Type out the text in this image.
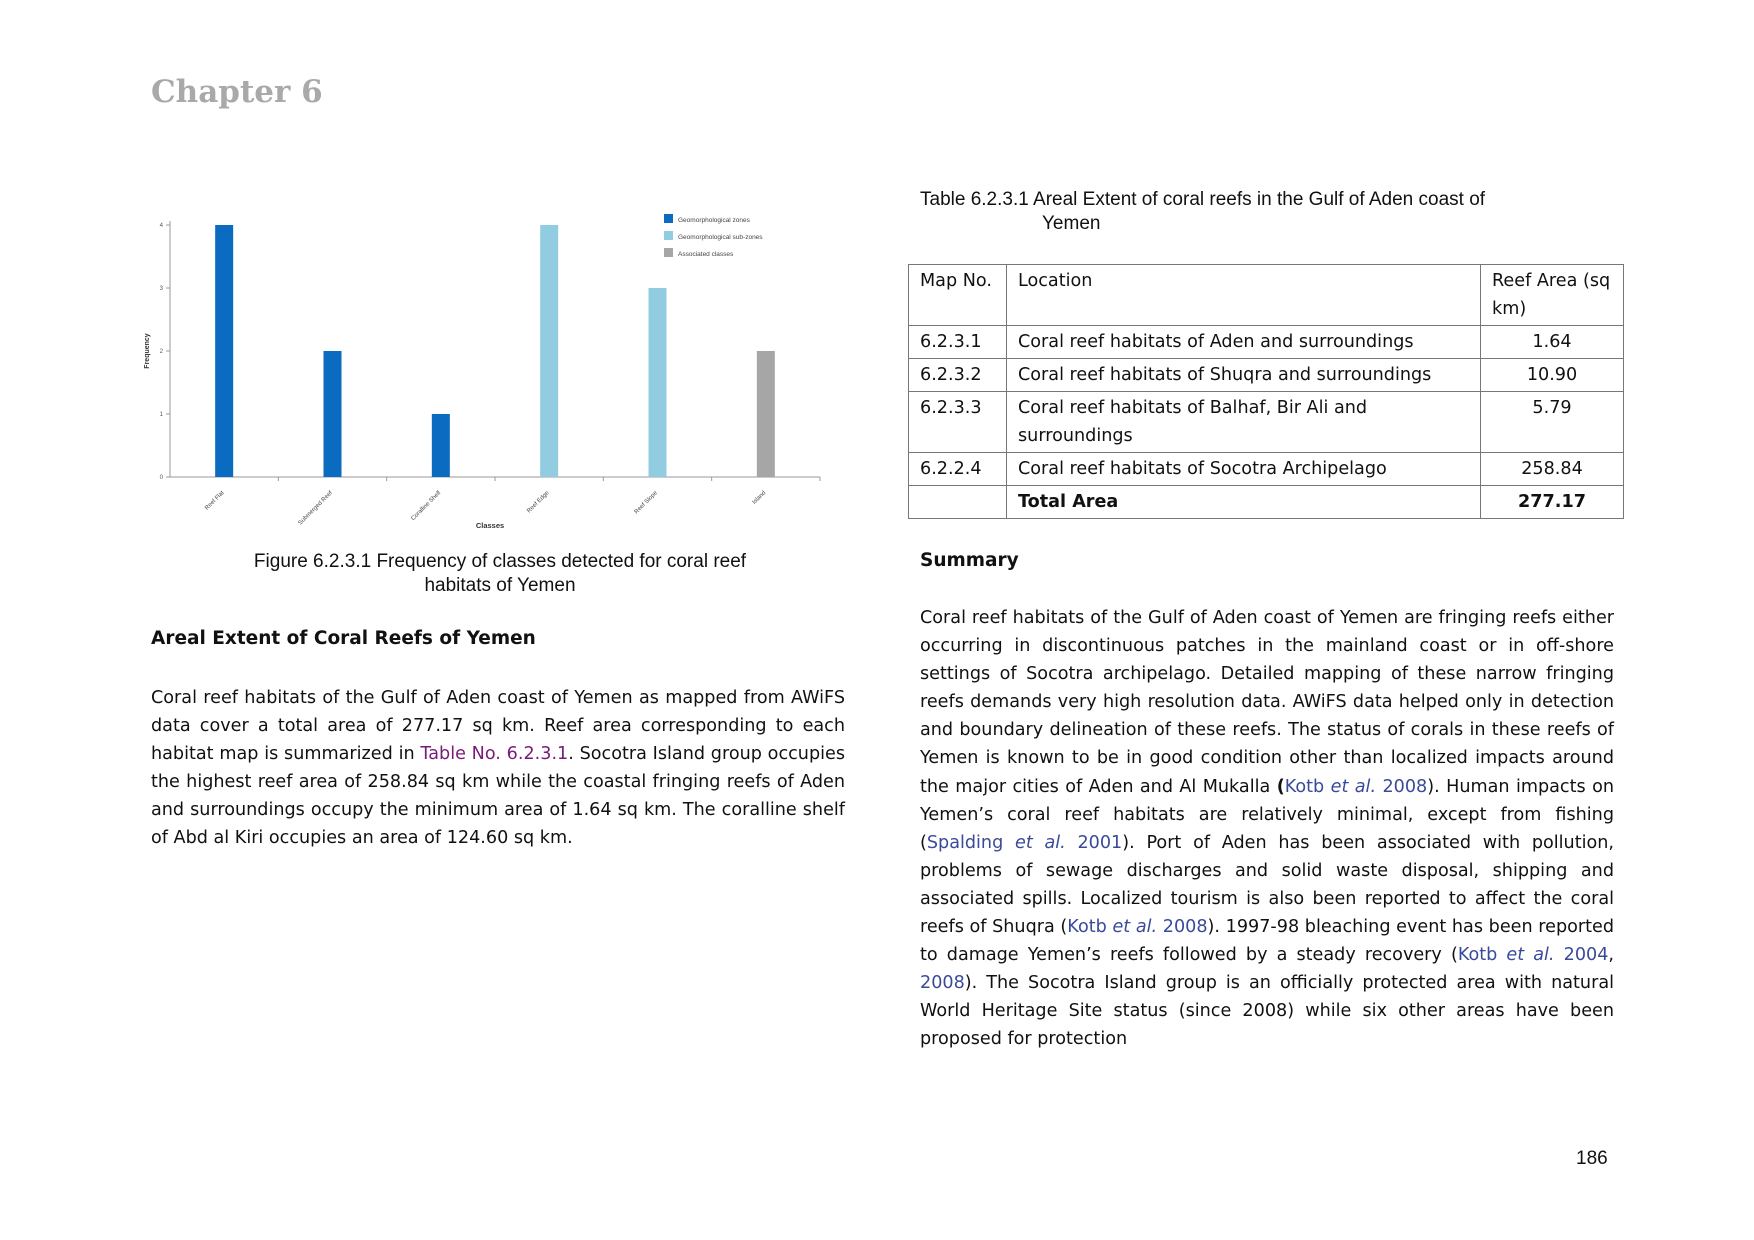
Chapter 6
0
1
2
3
4
Frequency
Reef Flat	Submerged Reef	Coralline Shelf	Reef Edge	Reef Slope	Island
Classes
Geomorphological zones
Geomorphological sub-zones
Associated classes
Figure 6.2.3.1 Frequency of classes detected for coral reef
habitats of Yemen
Areal Extent of Coral Reefs of Yemen

Coral reef habitats of the Gulf of Aden coast of Yemen as mapped from AWiFS data cover a total area of 277.17 sq km. Reef area corresponding to each habitat map is summarized in Table No. 6.2.3.1. Socotra Island group occupies the highest reef area of 258.84 sq km while the coastal fringing reefs of Aden and surroundings occupy the minimum area of 1.64 sq km. The coralline shelf of Abd al Kiri occupies an area of 124.60 sq km.

Table 6.2.3.1 Areal Extent of coral reefs in the Gulf of Aden coast of
Yemen
Map No.	Location	Reef Area (sq km)
6.2.3.1	Coral reef habitats of Aden and surroundings	1.64
6.2.3.2	Coral reef habitats of Shuqra and surroundings	10.90
6.2.3.3	Coral reef habitats of Balhaf, Bir Ali and surroundings	5.79
6.2.2.4	Coral reef habitats of Socotra Archipelago	258.84
	Total Area	277.17
Summary

Coral reef habitats of the Gulf of Aden coast of Yemen are fringing reefs either occurring in discontinuous patches in the mainland coast or in off-shore settings of Socotra archipelago. Detailed mapping of these narrow fringing reefs demands very high resolution data. AWiFS data helped only in detection and boundary delineation of these reefs. The status of corals in these reefs of Yemen is known to be in good condition other than localized impacts around the major cities of Aden and Al Mukalla (Kotb et al. 2008). Human impacts on Yemen’s coral reef habitats are relatively minimal, except from fishing (Spalding et al. 2001). Port of Aden has been associated with pollution, problems of sewage discharges and solid waste disposal, shipping and associated spills. Localized tourism is also been reported to affect the coral reefs of Shuqra (Kotb et al. 2008). 1997-98 bleaching event has been reported to damage Yemen’s reefs followed by a steady recovery (Kotb et al. 2004, 2008). The Socotra Island group is an officially protected area with natural World Heritage Site status (since 2008) while six other areas have been proposed for protection

186
